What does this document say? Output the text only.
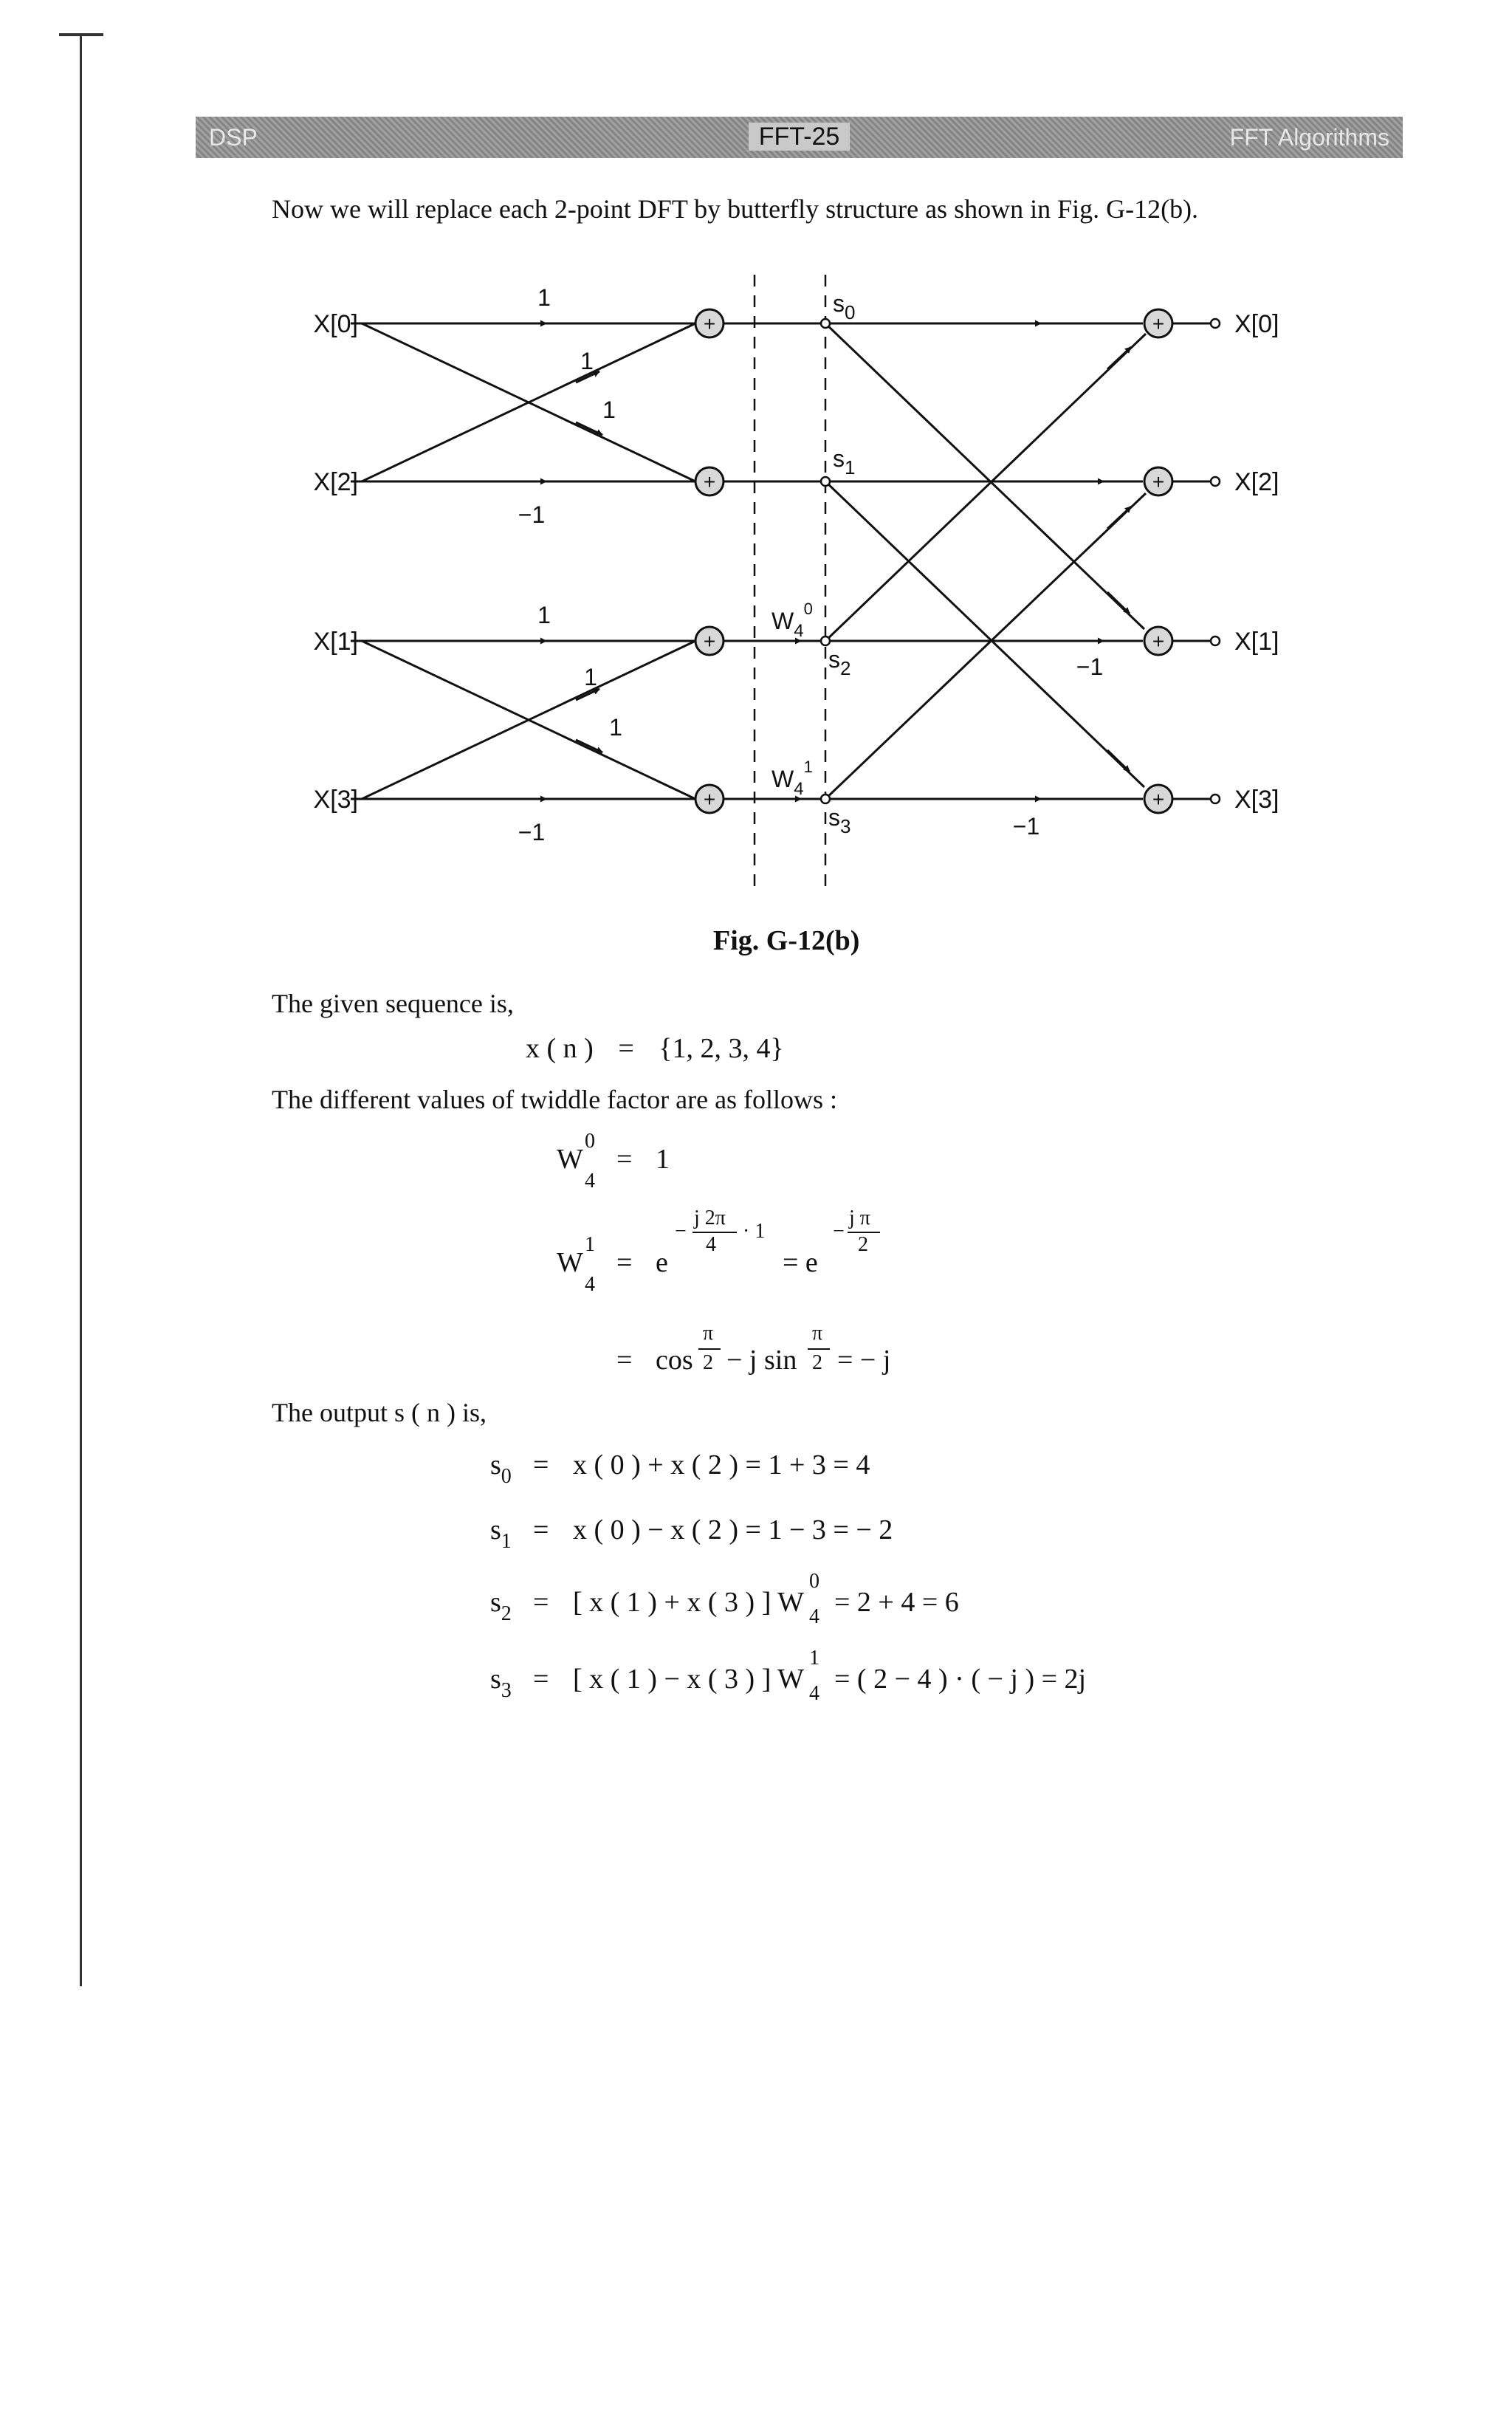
DSP	FFT-25	FFT Algorithms
Now we will replace each 2-point DFT by butterfly structure as shown in Fig. G-12(b).
+
+
+
+
+
+
+
+
X[0]
X[2]
X[1]
X[3]
X[0]
X[2]
X[1]
X[3]
1
1
1
−1
1
1
1
−1
−1
−1
$s_0$
$s_1$
$s_2$
$s_3$
$W_4^0$
$W_4^1$
Fig. G-12(b)
The given sequence is,
x ( n ) = {1, 2, 3, 4}
The different values of twiddle factor are as follows :
W
0
4
= 1
W
1
4
= e
−
j 2π
4
· 1
= e
−
j π
2
= cos
π
2 − j sin
π
2 = − j
The output s ( n ) is,
$s_0 = x$ ( 0 ) + x ( 2 ) = 1 + 3 = 4
$s_1 = x$ ( 0 ) − x ( 2 ) = 1 − 3 = − 2
$s_2$ = [ x ( 1 ) + x ( 3 ) ] W
0
4 = 2 + 4 = 6
$s_3$ = [ x ( 1 ) − x ( 3 ) ] W
1
4 = ( 2 − 4 ) · ( − j ) = 2j
